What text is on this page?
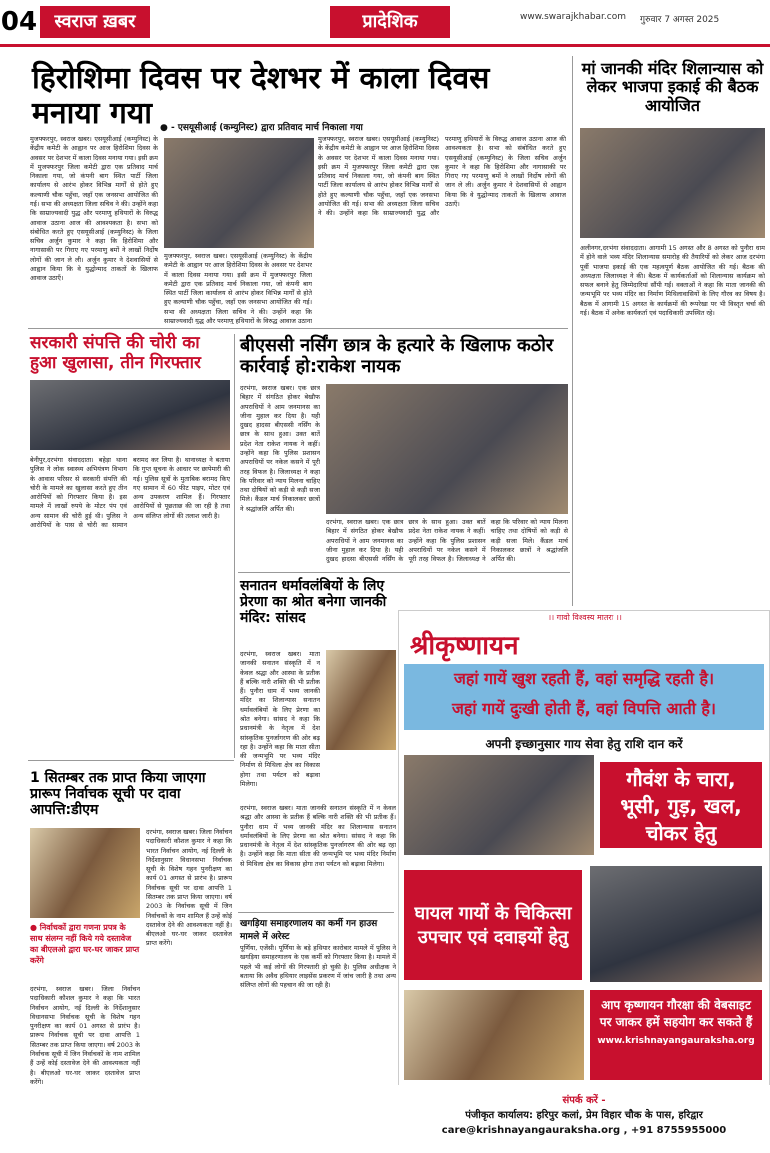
04 स्वराज ख़बर	प्रादेशिक	www.swarajkhabar.com गुरुवार 7 अगस्त 2025
हिरोशिमा दिवस पर देशभर में काला दिवस मनाया गया ● - एसयूसीआई (कम्युनिस्ट) द्वारा प्रतिवाद मार्च निकाला गया
मुजफ्फरपुर, स्वराज खबर। एसयूसीआई (कम्युनिस्ट) के केंद्रीय कमेटी के आह्वान पर आज हिरोशिमा दिवस के अवसर पर देशभर में काला दिवस मनाया गया। इसी क्रम में मुजफ्फरपुर जिला कमेटी द्वारा एक प्रतिवाद मार्च निकाला गया, जो कंपनी बाग स्थित पार्टी जिला कार्यालय से आरंभ होकर विभिन्न मार्गों से होते हुए कल्याणी चौक पहुँचा, जहाँ एक जनसभा आयोजित की गई। सभा की अध्यक्षता जिला सचिव ने की। उन्होंने कहा कि साम्राज्यवादी युद्ध और परमाणु हथियारों के विरुद्ध आवाज उठाना आज की आवश्यकता है। सभा को संबोधित करते हुए एसयूसीआई (कम्युनिस्ट) के जिला सचिव अर्जुन कुमार ने कहा कि हिरोशिमा और नागासाकी पर गिराए गए परमाणु बमों ने लाखों निर्दोष लोगों की जान ले ली। अर्जुन कुमार ने देशवासियों से आह्वान किया कि वे युद्धोन्माद ताकतों के खिलाफ आवाज उठाएँ।
मुजफ्फरपुर, स्वराज खबर। एसयूसीआई (कम्युनिस्ट) के केंद्रीय कमेटी के आह्वान पर आज हिरोशिमा दिवस के अवसर पर देशभर में काला दिवस मनाया गया। इसी क्रम में मुजफ्फरपुर जिला कमेटी द्वारा एक प्रतिवाद मार्च निकाला गया, जो कंपनी बाग स्थित पार्टी जिला कार्यालय से आरंभ होकर विभिन्न मार्गों से होते हुए कल्याणी चौक पहुँचा, जहाँ एक जनसभा आयोजित की गई। सभा की अध्यक्षता जिला सचिव ने की। उन्होंने कहा कि साम्राज्यवादी युद्ध और परमाणु हथियारों के विरुद्ध आवाज उठाना
मुजफ्फरपुर, स्वराज खबर। एसयूसीआई (कम्युनिस्ट) के केंद्रीय कमेटी के आह्वान पर आज हिरोशिमा दिवस के अवसर पर देशभर में काला दिवस मनाया गया। इसी क्रम में मुजफ्फरपुर जिला कमेटी द्वारा एक प्रतिवाद मार्च निकाला गया, जो कंपनी बाग स्थित पार्टी जिला कार्यालय से आरंभ होकर विभिन्न मार्गों से होते हुए कल्याणी चौक पहुँचा, जहाँ एक जनसभा आयोजित की गई। सभा की अध्यक्षता जिला सचिव ने की। उन्होंने कहा कि साम्राज्यवादी युद्ध और परमाणु हथियारों के विरुद्ध आवाज उठाना आज की आवश्यकता है। सभा को संबोधित करते हुए एसयूसीआई (कम्युनिस्ट) के जिला सचिव अर्जुन कुमार ने कहा कि हिरोशिमा और नागासाकी पर गिराए गए परमाणु बमों ने लाखों निर्दोष लोगों की जान ले ली। अर्जुन कुमार ने देशवासियों से आह्वान किया कि वे युद्धोन्माद ताकतों के खिलाफ आवाज उठाएँ।
सरकारी संपत्ति की चोरी का हुआ खुलासा, तीन गिरफ्तार
बेनीपुर,दरभंगा संवाददाता। बहेड़ा थाना पुलिस ने लोक स्वास्थ्य अभियंत्रण विभाग के आवास परिसर से सरकारी संपत्ति की चोरी के मामले का खुलासा करते हुए तीन आरोपियों को गिरफ्तार किया है। इस मामले में लाखों रुपये के मोटर पंप एवं अन्य सामान की चोरी हुई थी। पुलिस ने आरोपियों के पास से चोरी का सामान बरामद कर लिया है। थानाध्यक्ष ने बताया कि गुप्त सूचना के आधार पर छापेमारी की गई। पुलिस सूत्रों के मुताबिक बरामद किए गए सामान में 60 फीट पाइप, मोटर एवं अन्य उपकरण शामिल हैं। गिरफ्तार आरोपियों से पूछताछ की जा रही है तथा अन्य संलिप्त लोगों की तलाश जारी है।
बीएससी नर्सिंग छात्र के हत्यारे के खिलाफ कठोर कार्रवाई हो:राकेश नायक
दरभंगा, स्वराज खबर। एक छात्र बिहार में संगठित होकर बेखौफ अपराधियों ने आम जनमानस का जीना मुहाल कर दिया है। यही दुखद हादसा बीएससी नर्सिंग के छात्र के साथ हुआ। उक्त बातें प्रदेश नेता राकेश नायक ने कहीं। उन्होंने कहा कि पुलिस प्रशासन अपराधियों पर नकेल कसने में पूरी तरह विफल है। जिलाध्यक्ष ने कहा कि परिवार को न्याय मिलना चाहिए तथा दोषियों को कड़ी से कड़ी सजा मिले। कैंडल मार्च निकालकर छात्रों ने श्रद्धांजलि अर्पित की।
दरभंगा, स्वराज खबर। एक छात्र बिहार में संगठित होकर बेखौफ अपराधियों ने आम जनमानस का जीना मुहाल कर दिया है। यही दुखद हादसा बीएससी नर्सिंग के छात्र के साथ हुआ। उक्त बातें प्रदेश नेता राकेश नायक ने कहीं। उन्होंने कहा कि पुलिस प्रशासन अपराधियों पर नकेल कसने में पूरी तरह विफल है। जिलाध्यक्ष ने कहा कि परिवार को न्याय मिलना चाहिए तथा दोषियों को कड़ी से कड़ी सजा मिले। कैंडल मार्च निकालकर छात्रों ने श्रद्धांजलि अर्पित की।
सनातन धर्मावलंबियों के लिए प्रेरणा का श्रोत बनेगा जानकी मंदिर: सांसद
दरभंगा, स्वराज खबर। माता जानकी सनातन संस्कृति में न केवल श्रद्धा और आस्था के प्रतीक हैं बल्कि नारी शक्ति की भी प्रतीक हैं। पुनौरा धाम में भव्य जानकी मंदिर का शिलान्यास सनातन धर्मावलंबियों के लिए प्रेरणा का श्रोत बनेगा। सांसद ने कहा कि प्रधानमंत्री के नेतृत्व में देश सांस्कृतिक पुनर्जागरण की ओर बढ़ रहा है। उन्होंने कहा कि माता सीता की जन्मभूमि पर भव्य मंदिर निर्माण से मिथिला क्षेत्र का विकास होगा तथा पर्यटन को बढ़ावा मिलेगा।
दरभंगा, स्वराज खबर। माता जानकी सनातन संस्कृति में न केवल श्रद्धा और आस्था के प्रतीक हैं बल्कि नारी शक्ति की भी प्रतीक हैं। पुनौरा धाम में भव्य जानकी मंदिर का शिलान्यास सनातन धर्मावलंबियों के लिए प्रेरणा का श्रोत बनेगा। सांसद ने कहा कि प्रधानमंत्री के नेतृत्व में देश सांस्कृतिक पुनर्जागरण की ओर बढ़ रहा है। उन्होंने कहा कि माता सीता की जन्मभूमि पर भव्य मंदिर निर्माण से मिथिला क्षेत्र का विकास होगा तथा पर्यटन को बढ़ावा मिलेगा।
खगड़िया समाहरणालय का कर्मी गन हाउस मामले में अरेस्ट
पूर्णिया, एजेंसी। पूर्णिया के बड़े हथियार कारोबार मामले में पुलिस ने खगड़िया समाहरणालय के एक कर्मी को गिरफ्तार किया है। मामले में पहले भी कई लोगों की गिरफ्तारी हो चुकी है। पुलिस अधीक्षक ने बताया कि अवैध हथियार लाइसेंस प्रकरण में जांच जारी है तथा अन्य संलिप्त लोगों की पहचान की जा रही है।
1 सितम्बर तक प्राप्त किया जाएगा प्रारूप निर्वाचक सूची पर दावा आपत्ति:डीएम
दरभंगा, स्वराज खबर। जिला निर्वाचन पदाधिकारी कौशल कुमार ने कहा कि भारत निर्वाचन आयोग, नई दिल्ली के निर्देशानुसार विधानसभा निर्वाचक सूची के विशेष गहन पुनरीक्षण का कार्य 01 अगस्त से प्रारंभ है। प्रारूप निर्वाचक सूची पर दावा आपत्ति 1 सितम्बर तक प्राप्त किया जाएगा। वर्ष 2003 के निर्वाचक सूची में जिन निर्वाचकों के नाम शामिल हैं उन्हें कोई दस्तावेज देने की आवश्यकता नहीं है। बीएलओ घर-घर जाकर दस्तावेज प्राप्त करेंगे।
● निर्वाचकों द्वारा गणना प्रपत्र के साथ संलग्न नहीं किये गये दस्तावेज का बीएलओ द्वारा घर-घर जाकर प्राप्त करेंगे
दरभंगा, स्वराज खबर। जिला निर्वाचन पदाधिकारी कौशल कुमार ने कहा कि भारत निर्वाचन आयोग, नई दिल्ली के निर्देशानुसार विधानसभा निर्वाचक सूची के विशेष गहन पुनरीक्षण का कार्य 01 अगस्त से प्रारंभ है। प्रारूप निर्वाचक सूची पर दावा आपत्ति 1 सितम्बर तक प्राप्त किया जाएगा। वर्ष 2003 के निर्वाचक सूची में जिन निर्वाचकों के नाम शामिल हैं उन्हें कोई दस्तावेज देने की आवश्यकता नहीं है। बीएलओ घर-घर जाकर दस्तावेज प्राप्त करेंगे।
मां जानकी मंदिर शिलान्यास को लेकर भाजपा इकाई की बैठक आयोजित
अलीनगर,दरभंगा संवाददाता। आगामी 15 अगस्त और 8 अगस्त को पुनौरा धाम में होने वाले भव्य मंदिर शिलान्यास समारोह की तैयारियों को लेकर आज दरभंगा पूर्वी भाजपा इकाई की एक महत्वपूर्ण बैठक आयोजित की गई। बैठक की अध्यक्षता जिलाध्यक्ष ने की। बैठक में कार्यकर्ताओं को शिलान्यास कार्यक्रम को सफल बनाने हेतु जिम्मेदारियां सौंपी गईं। वक्ताओं ने कहा कि माता जानकी की जन्मभूमि पर भव्य मंदिर का निर्माण मिथिलावासियों के लिए गौरव का विषय है। बैठक में आगामी 15 अगस्त के कार्यक्रमों की रूपरेखा पर भी विस्तृत चर्चा की गई। बैठक में अनेक कार्यकर्ता एवं पदाधिकारी उपस्थित रहे।
।। गावो विश्वस्य मातरः ।।
श्रीकृष्णायन
जहां गायें खुश रहती हैं, वहां समृद्धि रहती है।
जहां गायें दुःखी होती हैं, वहां विपत्ति आती है।
अपनी इच्छानुसार गाय सेवा हेतु राशि दान करें
गौवंश के चारा, भूसी, गुड़, खल, चोकर हेतु
घायल गायों के चिकित्सा उपचार एवं दवाइयों हेतु
आप कृष्णायन गौरक्षा की वेबसाइट पर जाकर हमें सहयोग कर सकते हैं
www.krishnayangauraksha.org
संपर्क करें -
पंजीकृत कार्यालय: हरिपुर कलां, प्रेम विहार चौक के पास, हरिद्वार
care@krishnayangauraksha.org , +91 8755955000
